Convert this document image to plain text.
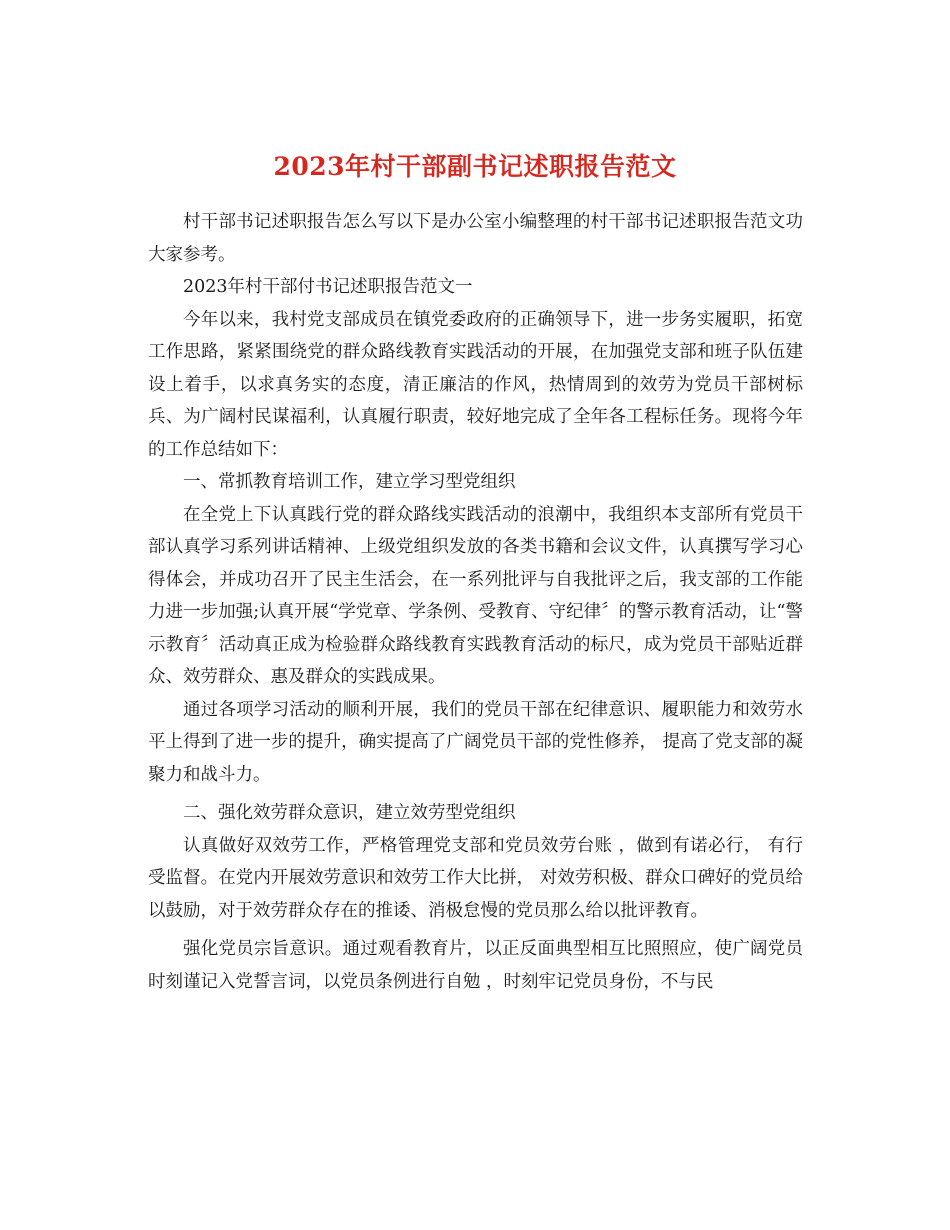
2023年村干部副书记述职报告范文

村干部书记述职报告怎么写以下是办公室小编整理的村干部书记述职报告范文功大家参考。

2023年村干部付书记述职报告范文一

今年以来，我村党支部成员在镇党委政府的正确领导下，进一步务实履职，拓宽工作思路，紧紧围绕党的群众路线教育实践活动的开展，在加强党支部和班子队伍建设上着手，以求真务实的态度，清正廉洁的作风，热情周到的效劳为党员干部树标兵、为广阔村民谋福利，认真履行职责，较好地完成了全年各工程标任务。现将今年的工作总结如下：

一、常抓教育培训工作，建立学习型党组织

在全党上下认真践行党的群众路线实践活动的浪潮中，我组织本支部所有党员干部认真学习系列讲话精神、上级党组织发放的各类书籍和会议文件，认真撰写学习心得体会，并成功召开了民主生活会，在一系列批评与自我批评之后，我支部的工作能力进一步加强;认真开展“学党章、学条例、受教育、守纪律〞的警示教育活动，让“警示教育〞活动真正成为检验群众路线教育实践教育活动的标尺，成为党员干部贴近群众、效劳群众、惠及群众的实践成果。

通过各项学习活动的顺利开展，我们的党员干部在纪律意识、履职能力和效劳水平上得到了进一步的提升，确实提高了广阔党员干部的党性修养， 提高了党支部的凝聚力和战斗力。

二、强化效劳群众意识，建立效劳型党组织

认真做好双效劳工作，严格管理党支部和党员效劳台账 ，做到有诺必行， 有行受监督。在党内开展效劳意识和效劳工作大比拼， 对效劳积极、群众口碑好的党员给以鼓励，对于效劳群众存在的推诿、消极怠慢的党员那么给以批评教育。

强化党员宗旨意识。通过观看教育片，以正反面典型相互比照照应，使广阔党员时刻谨记入党誓言词，以党员条例进行自勉 ，时刻牢记党员身份，不与民
